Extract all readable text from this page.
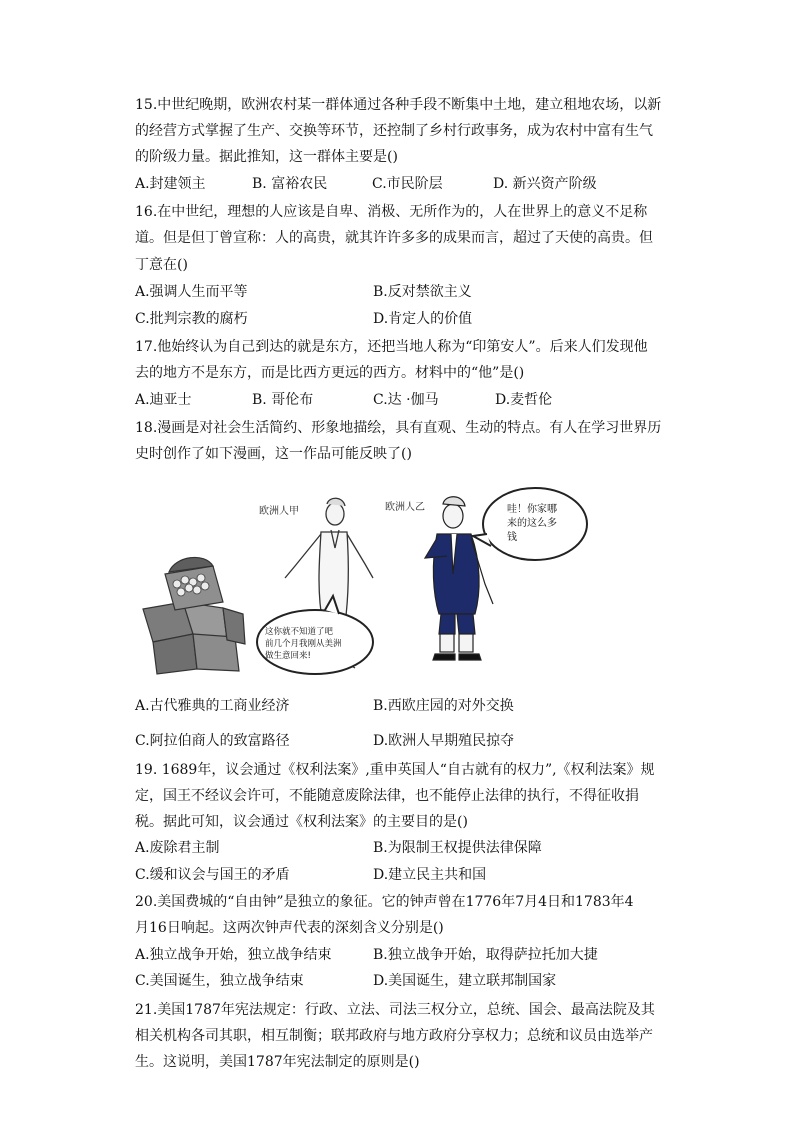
15.中世纪晚期，欧洲农村某一群体通过各种手段不断集中土地，建立租地农场，以新
的经营方式掌握了生产、交换等环节，还控制了乡村行政事务，成为农村中富有生气
的阶级力量。据此推知，这一群体主要是()
A.封建领主	B. 富裕农民	C.市民阶层	D. 新兴资产阶级
16.在中世纪，理想的人应该是自卑、消极、无所作为的，人在世界上的意义不足称
道。但是但丁曾宣称：人的高贵，就其许许多多的成果而言，超过了天使的高贵。但
丁意在()
A.强调人生而平等	B.反对禁欲主义
C.批判宗教的腐朽	D.肯定人的价值
17.他始终认为自己到达的就是东方，还把当地人称为“印第安人”。后来人们发现他
去的地方不是东方，而是比西方更远的西方。材料中的“他”是()
A.迪亚士	B. 哥伦布	C.达 ·伽马	D.麦哲伦
18.漫画是对社会生活简约、形象地描绘，具有直观、生动的特点。有人在学习世界历
史时创作了如下漫画，这一作品可能反映了()
欧洲人甲	欧洲人乙	哇！你家哪
来的这么多
钱
这你就不知道了吧
前几个月我刚从美洲
做生意回来!
A.古代雅典的工商业经济	B.西欧庄园的对外交换
C.阿拉伯商人的致富路径	D.欧洲人早期殖民掠夺
19. 1689年，议会通过《权利法案》,重申英国人“自古就有的权力”,《权利法案》规
定，国王不经议会许可，不能随意废除法律，也不能停止法律的执行，不得征收捐
税。据此可知，议会通过《权利法案》的主要目的是()
A.废除君主制	B.为限制王权提供法律保障
C.缓和议会与国王的矛盾	D.建立民主共和国
20.美国费城的“自由钟”是独立的象征。它的钟声曾在1776年7月4日和1783年4
月16日响起。这两次钟声代表的深刻含义分别是()
A.独立战争开始，独立战争结束	B.独立战争开始，取得萨拉托加大捷
C.美国诞生，独立战争结束	D.美国诞生，建立联邦制国家
21.美国1787年宪法规定：行政、立法、司法三权分立，总统、国会、最高法院及其
相关机构各司其职，相互制衡；联邦政府与地方政府分享权力；总统和议员由选举产
生。这说明，美国1787年宪法制定的原则是()
